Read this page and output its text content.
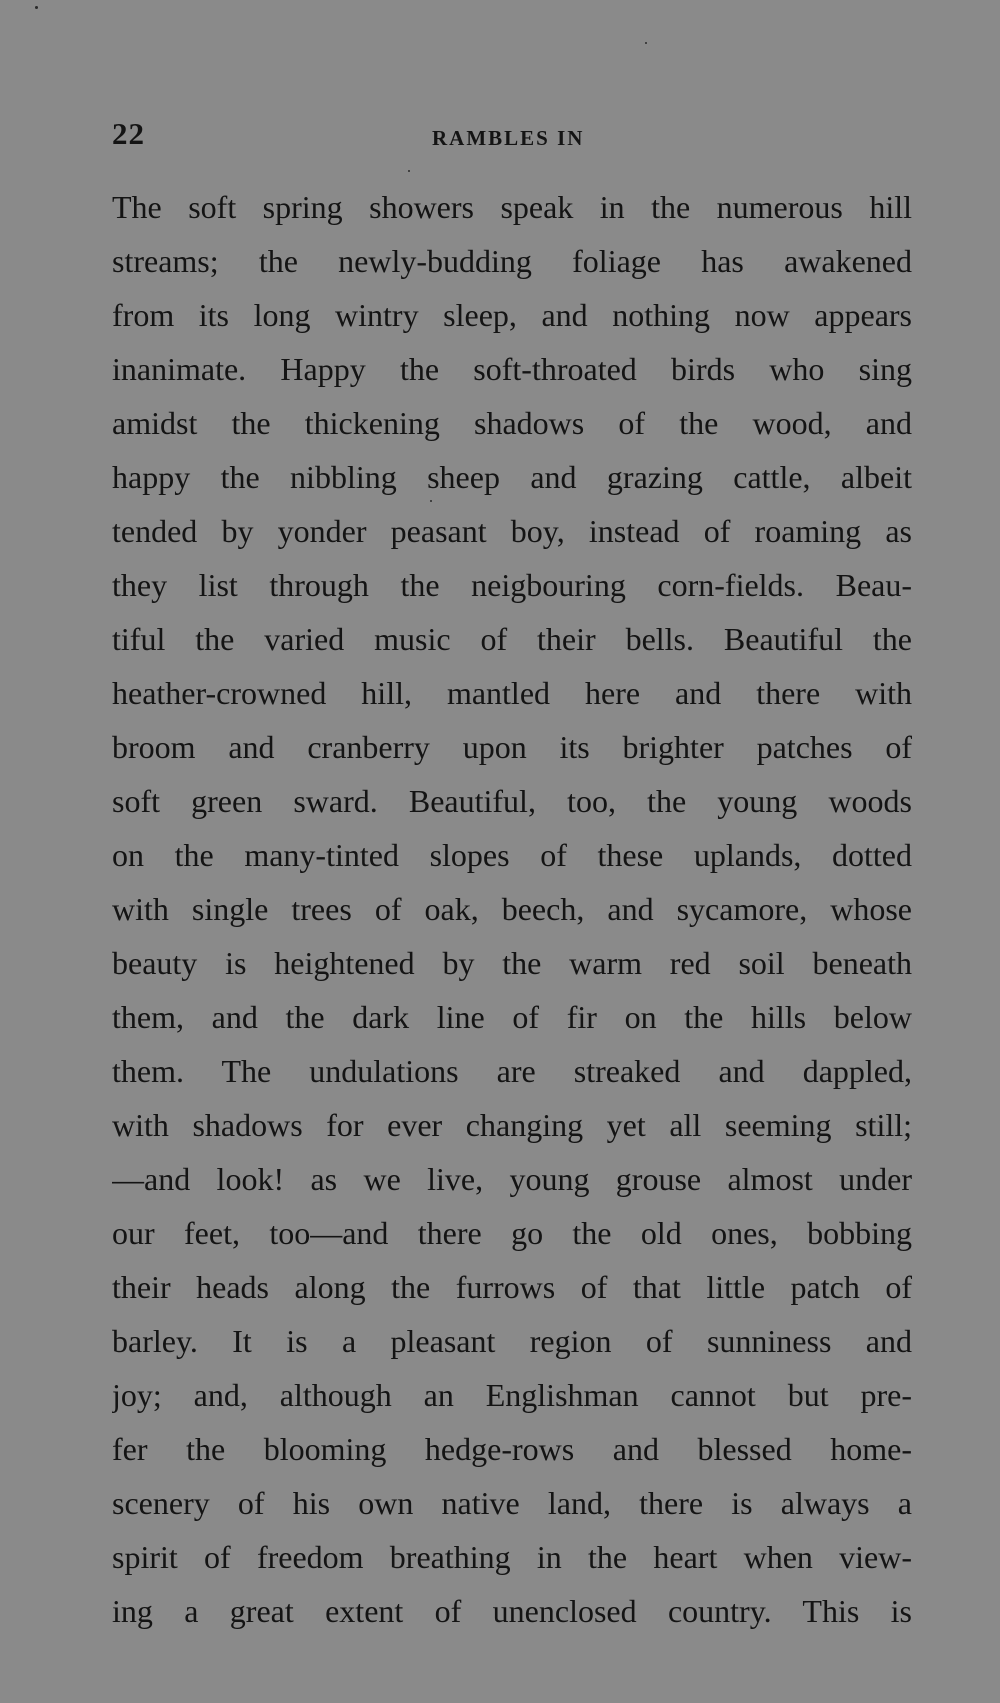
22	RAMBLES IN
The soft spring showers speak in the numerous hill
streams; the newly-budding foliage has awakened
from its long wintry sleep, and nothing now appears
inanimate. Happy the soft-throated birds who sing
amidst the thickening shadows of the wood, and
happy the nibbling sheep and grazing cattle, albeit
tended by yonder peasant boy, instead of roaming as
they list through the neigbouring corn-fields. Beau-
tiful the varied music of their bells. Beautiful the
heather-crowned hill, mantled here and there with
broom and cranberry upon its brighter patches of
soft green sward. Beautiful, too, the young woods
on the many-tinted slopes of these uplands, dotted
with single trees of oak, beech, and sycamore, whose
beauty is heightened by the warm red soil beneath
them, and the dark line of fir on the hills below
them. The undulations are streaked and dappled,
with shadows for ever changing yet all seeming still;
—and look! as we live, young grouse almost under
our feet, too—and there go the old ones, bobbing
their heads along the furrows of that little patch of
barley. It is a pleasant region of sunniness and
joy; and, although an Englishman cannot but pre-
fer the blooming hedge-rows and blessed home-
scenery of his own native land, there is always a
spirit of freedom breathing in the heart when view-
ing a great extent of unenclosed country. This is
